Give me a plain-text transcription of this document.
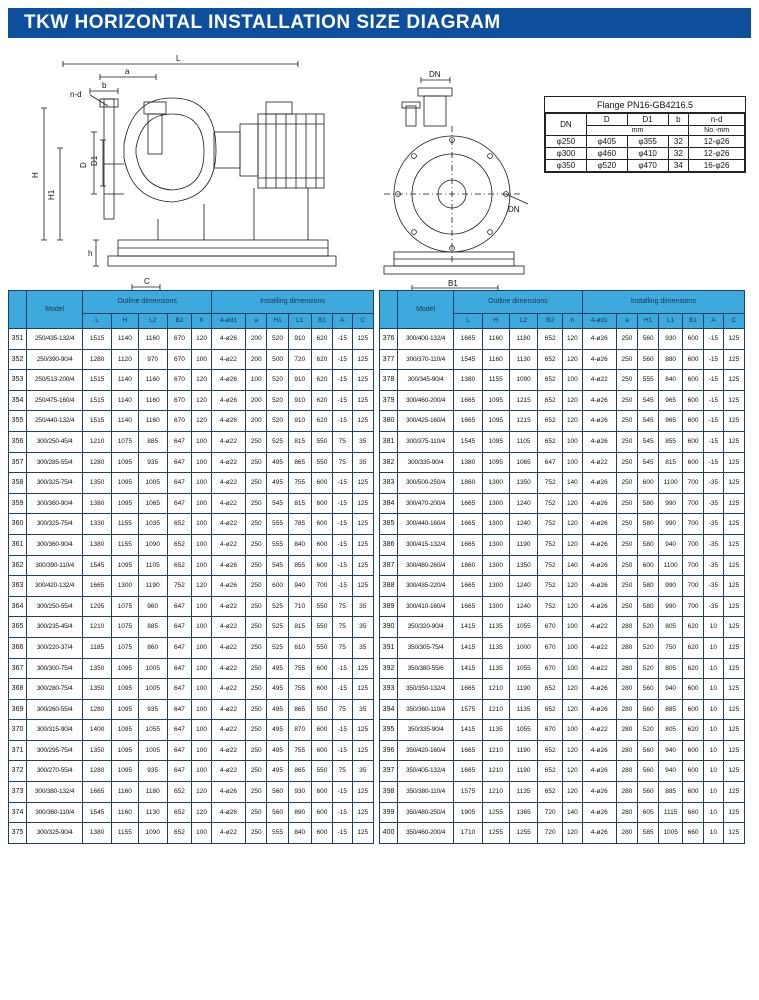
TKW HORIZONTAL INSTALLATION SIZE DIAGRAM
L
a
b
n-d
D D1
H
H1
h
C
DN
DN
B1
Flange PN16-GB4216.5
DN	D	D1	b	n-d
	mm			No.-mm
φ250	φ405	φ355	32	12-φ26
φ300	φ460	φ410	32	12-φ26
φ350	φ520	φ470	34	16-φ26
	Model	Outline dimensions					Installing dimensions						
		L	H	L2	B2	h	4-ød1	a	H1	L1	B1	A	C
351	250/435-132/4	1515	1140	1160	670	120	4-ø26	200	520	910	620	-15	125
352	250/390-90/4	1280	1120	970	670	100	4-ø22	200	500	720	620	-15	125
353	250/513-200/4	1515	1140	1160	670	120	4-ø26	100	520	910	620	-15	125
354	250/475-160/4	1515	1140	1160	670	120	4-ø26	200	520	910	620	-15	125
355	250/440-132/4	1515	1140	1160	670	120	4-ø26	200	520	910	620	-15	125
356	300/250-45/4	1210	1075	885	647	100	4-ø22	250	525	815	550	75	35
357	300/285-55/4	1280	1095	935	647	100	4-ø22	250	495	865	550	75	35
358	300/325-75/4	1350	1095	1005	647	100	4-ø22	250	495	755	600	-15	125
359	300/360-90/4	1380	1095	1065	647	100	4-ø22	250	545	815	600	-15	125
360	300/325-75/4	1330	1155	1035	652	100	4-ø22	250	555	785	600	-15	125
361	300/360-90/4	1380	1155	1090	652	100	4-ø22	250	555	840	600	-15	125
362	300/390-110/4	1545	1095	1105	652	100	4-ø26	250	545	855	600	-15	125
363	300/420-132/4	1665	1300	1190	752	120	4-ø26	250	600	940	700	-15	125
364	300/250-55/4	1295	1075	960	647	100	4-ø22	250	525	710	550	75	35
365	300/235-45/4	1210	1075	885	647	100	4-ø22	250	525	815	550	75	35
366	300/220-37/4	1185	1075	860	647	100	4-ø22	250	525	610	550	75	35
367	300/300-75/4	1350	1095	1005	647	100	4-ø22	250	495	755	600	-15	125
368	300/280-75/4	1350	1095	1005	647	100	4-ø22	250	495	755	600	-15	125
369	300/260-55/4	1280	1095	935	647	100	4-ø22	250	495	865	550	75	35
370	300/315-90/4	1400	1095	1055	647	100	4-ø22	250	495	870	600	-15	125
371	300/295-75/4	1350	1095	1005	647	100	4-ø22	250	495	755	600	-15	125
372	300/270-55/4	1280	1095	935	647	100	4-ø22	250	495	865	550	75	35
373	300/380-132/4	1665	1160	1180	652	120	4-ø26	250	560	930	600	-15	125
374	300/360-110/4	1545	1160	1130	652	120	4-ø26	250	560	890	600	-15	125
375	300/325-90/4	1380	1155	1090	652	100	4-ø22	250	555	840	600	-15	125
	Model	Outline dimensions					Installing dimensions						
		L	H	L2	B2	h	4-ød1	a	H1	L1	B1	A	C
376	300/400-132/4	1665	1160	1180	652	120	4-ø26	250	560	930	600	-15	125
377	300/370-110/4	1545	1160	1130	652	120	4-ø26	250	560	880	600	-15	125
378	300/345-90/4	1380	1155	1090	652	100	4-ø22	250	555	840	600	-15	125
379	300/460-200/4	1665	1095	1215	652	120	4-ø26	250	545	965	600	-15	125
380	300/425-160/4	1665	1095	1215	652	120	4-ø26	250	545	965	600	-15	125
381	300/375-110/4	1545	1095	1105	652	100	4-ø26	250	545	855	600	-15	125
382	300/335-90/4	1380	1095	1065	647	100	4-ø22	250	545	815	600	-15	125
383	300/500-250/4	1860	1300	1350	752	140	4-ø26	250	600	1100	700	-35	125
384	300/470-200/4	1665	1300	1240	752	120	4-ø26	250	580	990	700	-35	125
385	300/440-160/4	1665	1300	1240	752	120	4-ø26	250	580	990	700	-35	125
386	300/415-132/4	1665	1300	1190	752	120	4-ø26	250	580	940	700	-35	125
387	300/480-260/4	1860	1300	1350	752	140	4-ø26	250	600	1100	700	-35	125
388	300/435-220/4	1665	1300	1240	752	120	4-ø26	250	580	990	700	-35	125
389	300/410-160/4	1665	1300	1240	752	120	4-ø26	250	580	990	700	-35	125
390	350/320-90/4	1415	1135	1055	670	100	4-ø22	280	520	805	620	10	125
391	350/305-75/4	1415	1135	1000	670	100	4-ø22	280	520	750	620	10	125
392	350/380-55/6	1415	1135	1055	670	100	4-ø22	280	520	805	620	10	125
393	350/350-132/4	1665	1210	1190	652	120	4-ø26	280	560	940	600	10	125
394	350/360-110/4	1575	1210	1135	652	120	4-ø26	280	560	885	600	10	125
395	350/335-90/4	1415	1135	1055	670	100	4-ø22	280	520	805	620	10	125
396	350/420-160/4	1665	1210	1190	652	120	4-ø26	280	560	940	600	10	125
397	350/405-132/4	1665	1210	1190	652	120	4-ø26	280	560	940	600	10	125
398	350/380-110/4	1575	1210	1135	652	120	4-ø26	280	560	885	600	10	125
399	350/480-250/4	1905	1255	1365	720	140	4-ø26	280	605	1115	660	10	125
400	350/460-200/4	1710	1255	1255	720	120	4-ø26	280	585	1005	660	10	125
